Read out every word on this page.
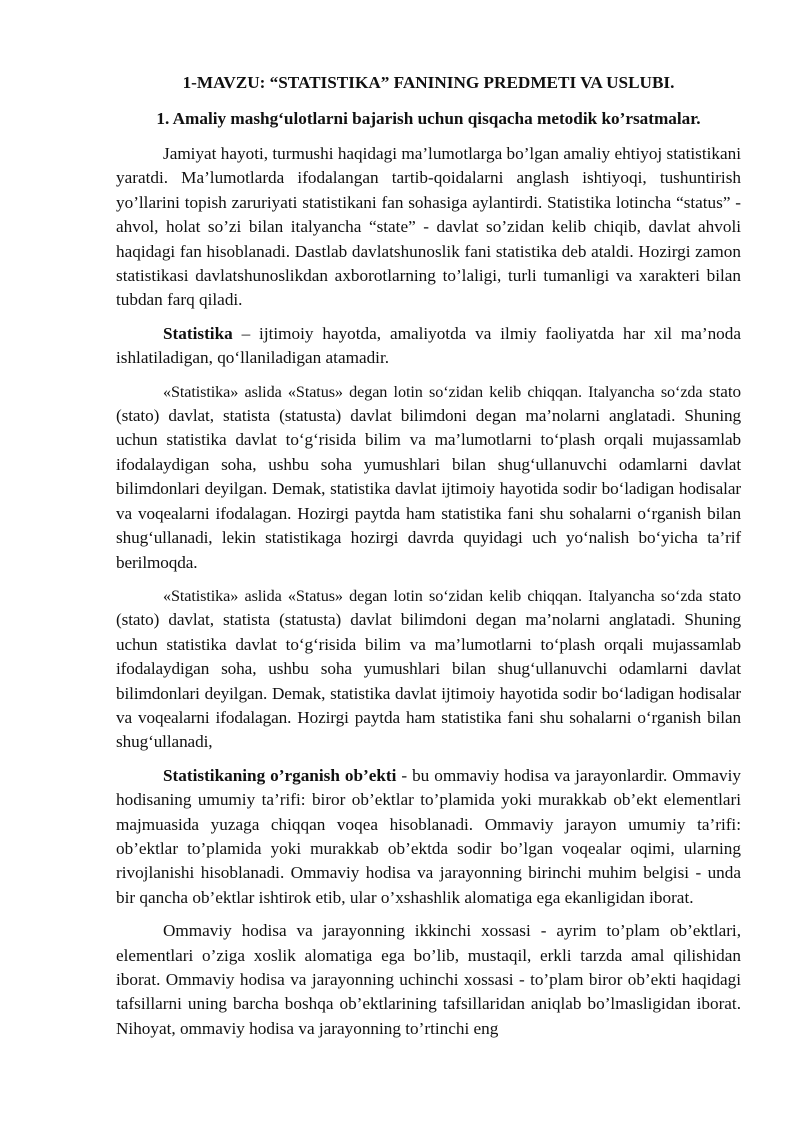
1-MAVZU: “STATISTIKA” FANINING PREDMETI VA USLUBI.
1. Amaliy mashg‘ulotlarni bajarish uchun qisqacha metodik ko’rsatmalar.

Jamiyat hayoti, turmushi haqidagi ma’lumotlarga bo’lgan amaliy ehtiyoj statistikani yaratdi. Ma’lumotlarda ifodalangan tartib-qoidalarni anglash ishtiyoqi, tushuntirish yo’llarini topish zaruriyati statistikani fan sohasiga aylantirdi. Statistika lotincha “status” - ahvol, holat so’zi bilan italyancha “state” - davlat so’zidan kelib chiqib, davlat ahvoli haqidagi fan hisoblanadi. Dastlab davlatshunoslik fani statistika deb ataldi. Hozirgi zamon statistikasi davlatshunoslikdan axborotlarning to’laligi, turli tumanligi va xarakteri bilan tubdan farq qiladi.

Statistika – ijtimoiy hayotda, amaliyotda va ilmiy faoliyatda har xil ma’noda ishlatiladigan, qo‘llaniladigan atamadir.

«Statistika» aslida «Status» degan lotin so‘zidan kelib chiqqan. Italyancha so‘zda stato (stato) davlat, statista (statusta) davlat bilimdoni degan ma’nolarni anglatadi. Shuning uchun statistika davlat to‘g‘risida bilim va ma’lumotlarni to‘plash orqali mujassamlab ifodalaydigan soha, ushbu soha yumushlari bilan shug‘ullanuvchi odamlarni davlat bilimdonlari deyilgan. Demak, statistika davlat ijtimoiy hayotida sodir bo‘ladigan hodisalar va voqealarni ifodalagan. Hozirgi paytda ham statistika fani shu sohalarni o‘rganish bilan shug‘ullanadi, lekin statistikaga hozirgi davrda quyidagi uch yo‘nalish bo‘yicha ta’rif berilmoqda.

«Statistika» aslida «Status» degan lotin so‘zidan kelib chiqqan. Italyancha so‘zda stato (stato) davlat, statista (statusta) davlat bilimdoni degan ma’nolarni anglatadi. Shuning uchun statistika davlat to‘g‘risida bilim va ma’lumotlarni to‘plash orqali mujassamlab ifodalaydigan soha, ushbu soha yumushlari bilan shug‘ullanuvchi odamlarni davlat bilimdonlari deyilgan. Demak, statistika davlat ijtimoiy hayotida sodir bo‘ladigan hodisalar va voqealarni ifodalagan. Hozirgi paytda ham statistika fani shu sohalarni o‘rganish bilan shug‘ullanadi,

Statistikaning o’rganish ob’ekti - bu ommaviy hodisa va jarayonlardir. Ommaviy hodisaning umumiy ta’rifi: biror ob’ektlar to’plamida yoki murakkab ob’ekt elementlari majmuasida yuzaga chiqqan voqea hisoblanadi. Ommaviy jarayon umumiy ta’rifi: ob’ektlar to’plamida yoki murakkab ob’ektda sodir bo’lgan voqealar oqimi, ularning rivojlanishi hisoblanadi. Ommaviy hodisa va jarayonning birinchi muhim belgisi - unda bir qancha ob’ektlar ishtirok etib, ular o’xshashlik alomatiga ega ekanligidan iborat.

Ommaviy hodisa va jarayonning ikkinchi xossasi - ayrim to’plam ob’ektlari, elementlari o’ziga xoslik alomatiga ega bo’lib, mustaqil, erkli tarzda amal qilishidan iborat. Ommaviy hodisa va jarayonning uchinchi xossasi - to’plam biror ob’ekti haqidagi tafsillarni uning barcha boshqa ob’ektlarining tafsillaridan aniqlab bo’lmasligidan iborat. Nihoyat, ommaviy hodisa va jarayonning to’rtinchi eng
